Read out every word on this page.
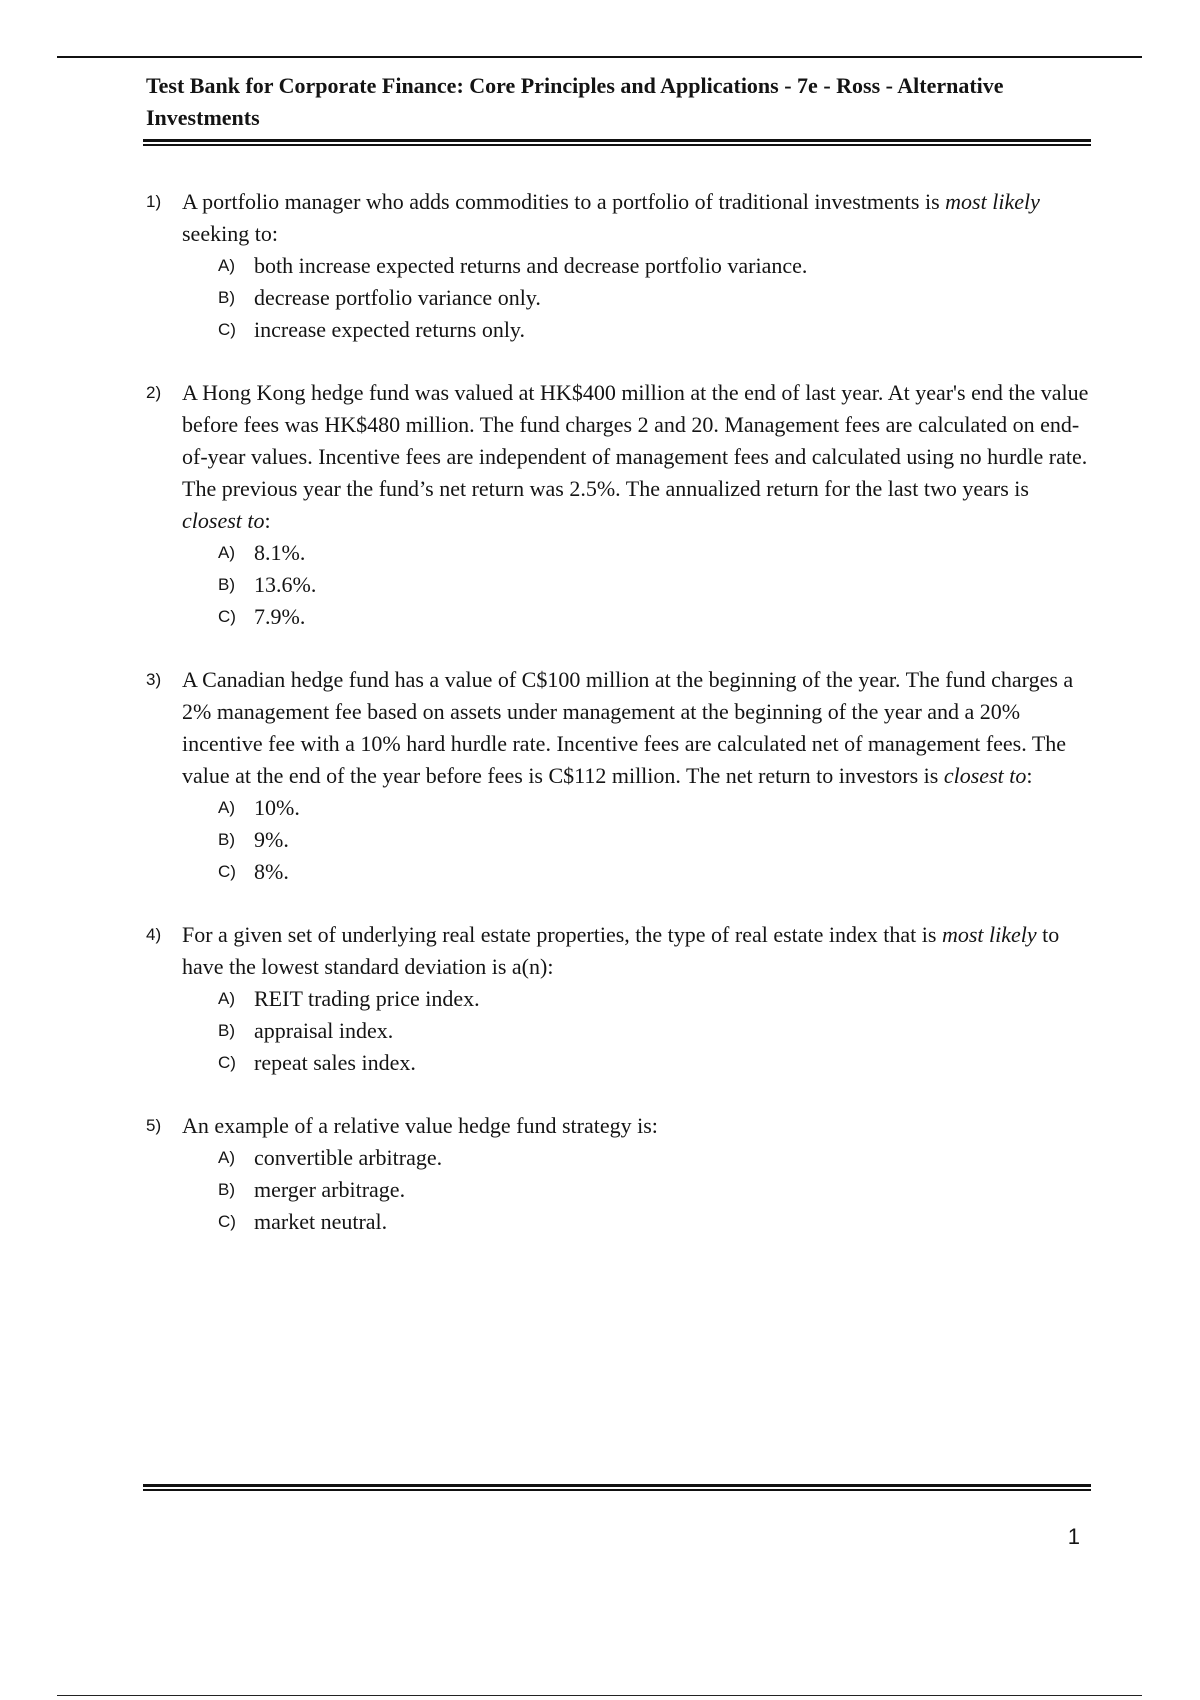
Test Bank for Corporate Finance: Core Principles and Applications - 7e - Ross - Alternative Investments
1) A portfolio manager who adds commodities to a portfolio of traditional investments is most likely seeking to:
A) both increase expected returns and decrease portfolio variance.
B) decrease portfolio variance only.
C) increase expected returns only.
2) A Hong Kong hedge fund was valued at HK$400 million at the end of last year. At year's end the value before fees was HK$480 million. The fund charges 2 and 20. Management fees are calculated on end- of-year values. Incentive fees are independent of management fees and calculated using no hurdle rate. The previous year the fund’s net return was 2.5%. The annualized return for the last two years is closest to:
A) 8.1%.
B) 13.6%.
C) 7.9%.
3) A Canadian hedge fund has a value of C$100 million at the beginning of the year. The fund charges a 2% management fee based on assets under management at the beginning of the year and a 20% incentive fee with a 10% hard hurdle rate. Incentive fees are calculated net of management fees. The value at the end of the year before fees is C$112 million. The net return to investors is closest to:
A) 10%.
B) 9%.
C) 8%.
4) For a given set of underlying real estate properties, the type of real estate index that is most likely to have the lowest standard deviation is a(n):
A) REIT trading price index.
B) appraisal index.
C) repeat sales index.
5) An example of a relative value hedge fund strategy is:
A) convertible arbitrage.
B) merger arbitrage.
C) market neutral.
1
